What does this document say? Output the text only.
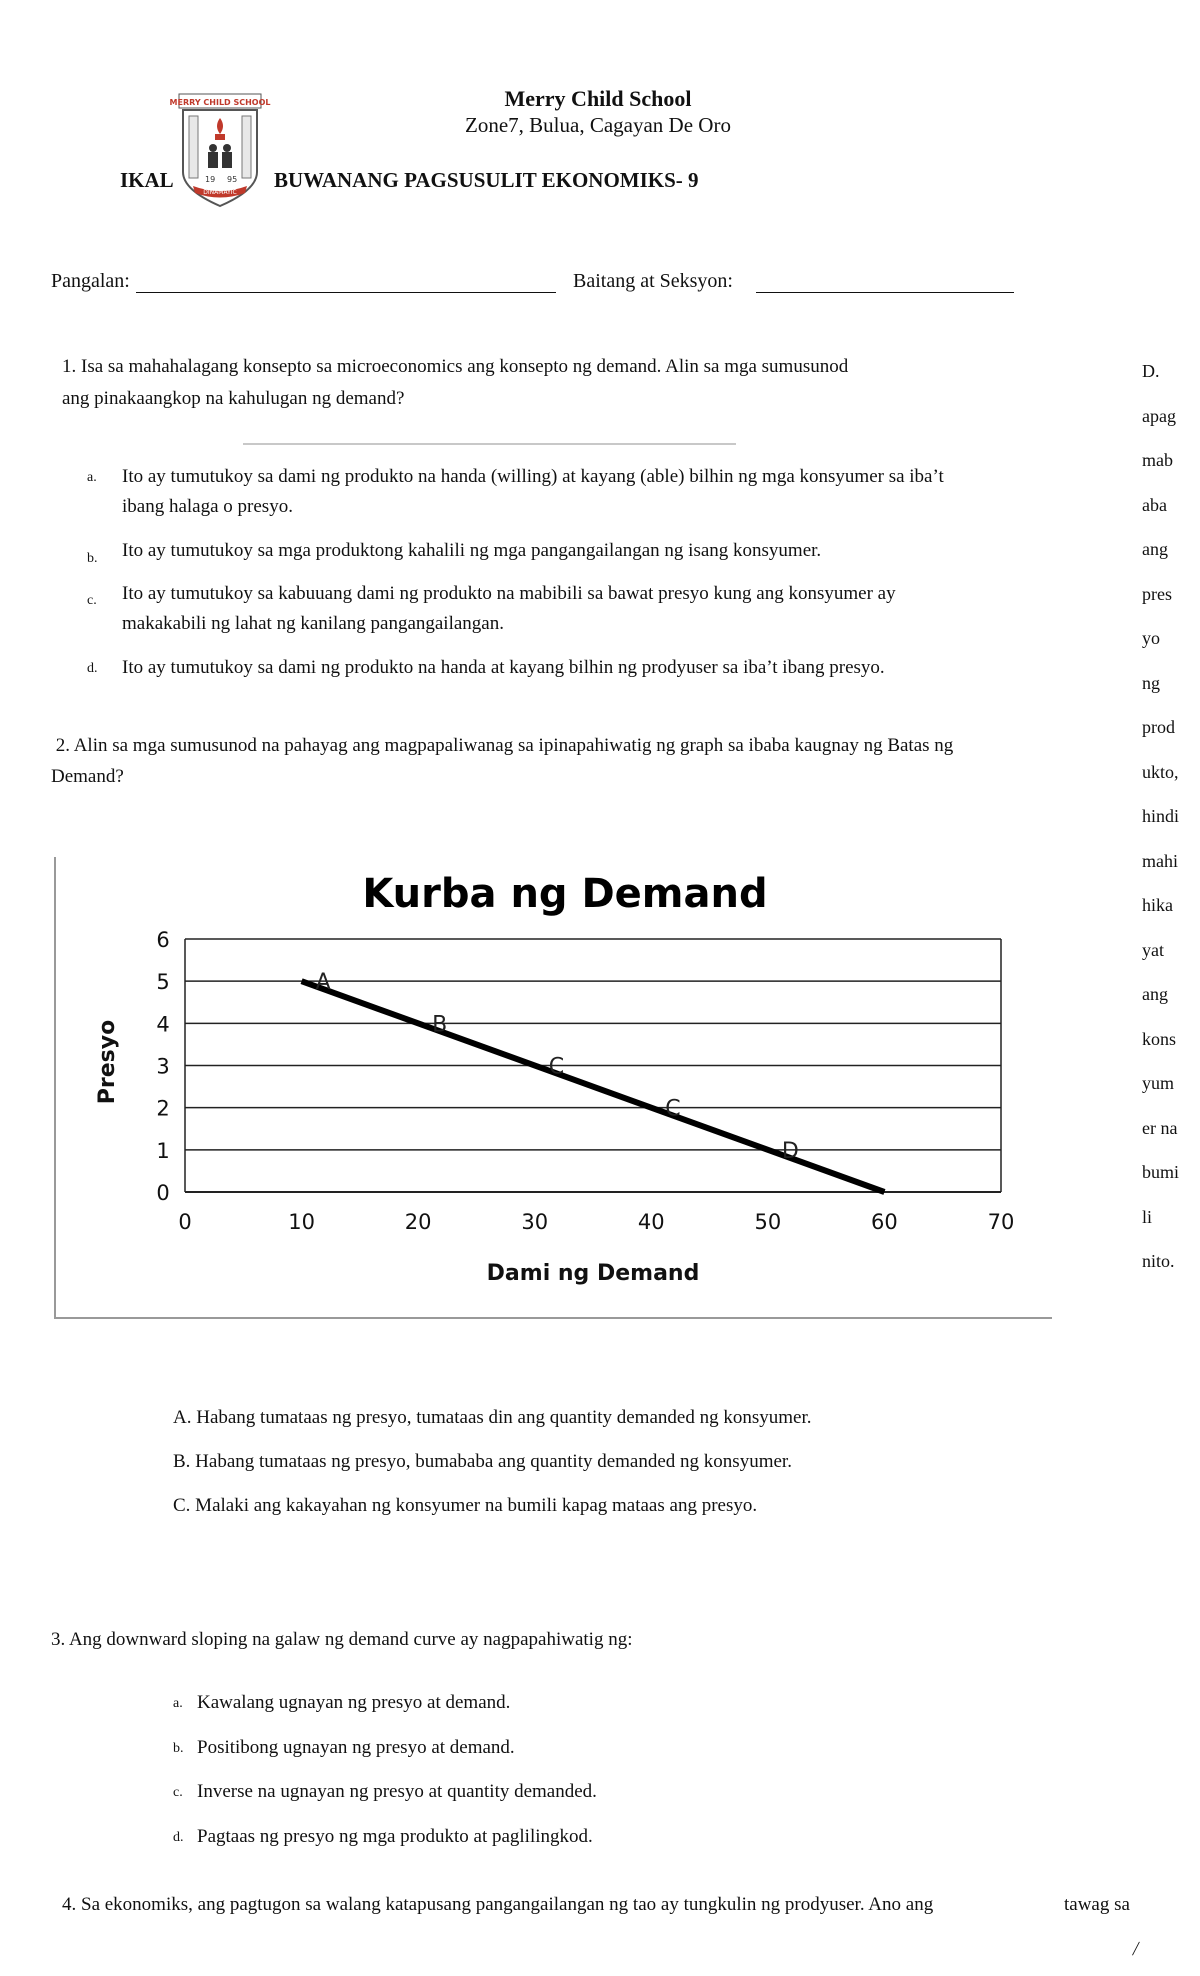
MERRY CHILD SCHOOL
19 95
DINAMAYIC
Merry Child School
Zone7, Bulua, Cagayan De Oro
IKAL	BUWANANG PAGSUSULIT EKONOMIKS- 9
Pangalan:	Baitang at Seksyon:
1. Isa sa mahahalagang konsepto sa microeconomics ang konsepto ng demand. Alin sa mga sumusunod
ang pinakaangkop na kahulugan ng demand?
a. Ito ay tumutukoy sa dami ng produkto na handa (willing) at kayang (able) bilhin ng mga konsyumer sa iba’t
ibang halaga o presyo.
b. Ito ay tumutukoy sa mga produktong kahalili ng mga pangangailangan ng isang konsyumer.
c. Ito ay tumutukoy sa kabuuang dami ng produkto na mabibili sa bawat presyo kung ang konsyumer ay
makakabili ng lahat ng kanilang pangangailangan.
d. Ito ay tumutukoy sa dami ng produkto na handa at kayang bilhin ng prodyuser sa iba’t ibang presyo.
2. Alin sa mga sumusunod na pahayag ang magpapaliwanag sa ipinapahiwatig ng graph sa ibaba kaugnay ng Batas ng
Demand?
Kurba ng Demand
0
1
2
3
4
5
6
0	10	20	30	40	50	60	70
A
B
C
C
D
Presyo
Dami ng Demand
A. Habang tumataas ng presyo, tumataas din ang quantity demanded ng konsyumer.
B. Habang tumataas ng presyo, bumababa ang quantity demanded ng konsyumer.
C. Malaki ang kakayahan ng konsyumer na bumili kapag mataas ang presyo.
3. Ang downward sloping na galaw ng demand curve ay nagpapahiwatig ng:
a. Kawalang ugnayan ng presyo at demand.
b. Positibong ugnayan ng presyo at demand.
c. Inverse na ugnayan ng presyo at quantity demanded.
d. Pagtaas ng presyo ng mga produkto at paglilingkod.
4. Sa ekonomiks, ang pagtugon sa walang katapusang pangangailangan ng tao ay tungkulin ng prodyuser. Ano ang	tawag sa
/
D.
apag
mab
aba
ang
pres
yo
ng
prod
ukto,
hindi
mahi
hika
yat
ang
kons
yum
er na
bumi
li
nito.
